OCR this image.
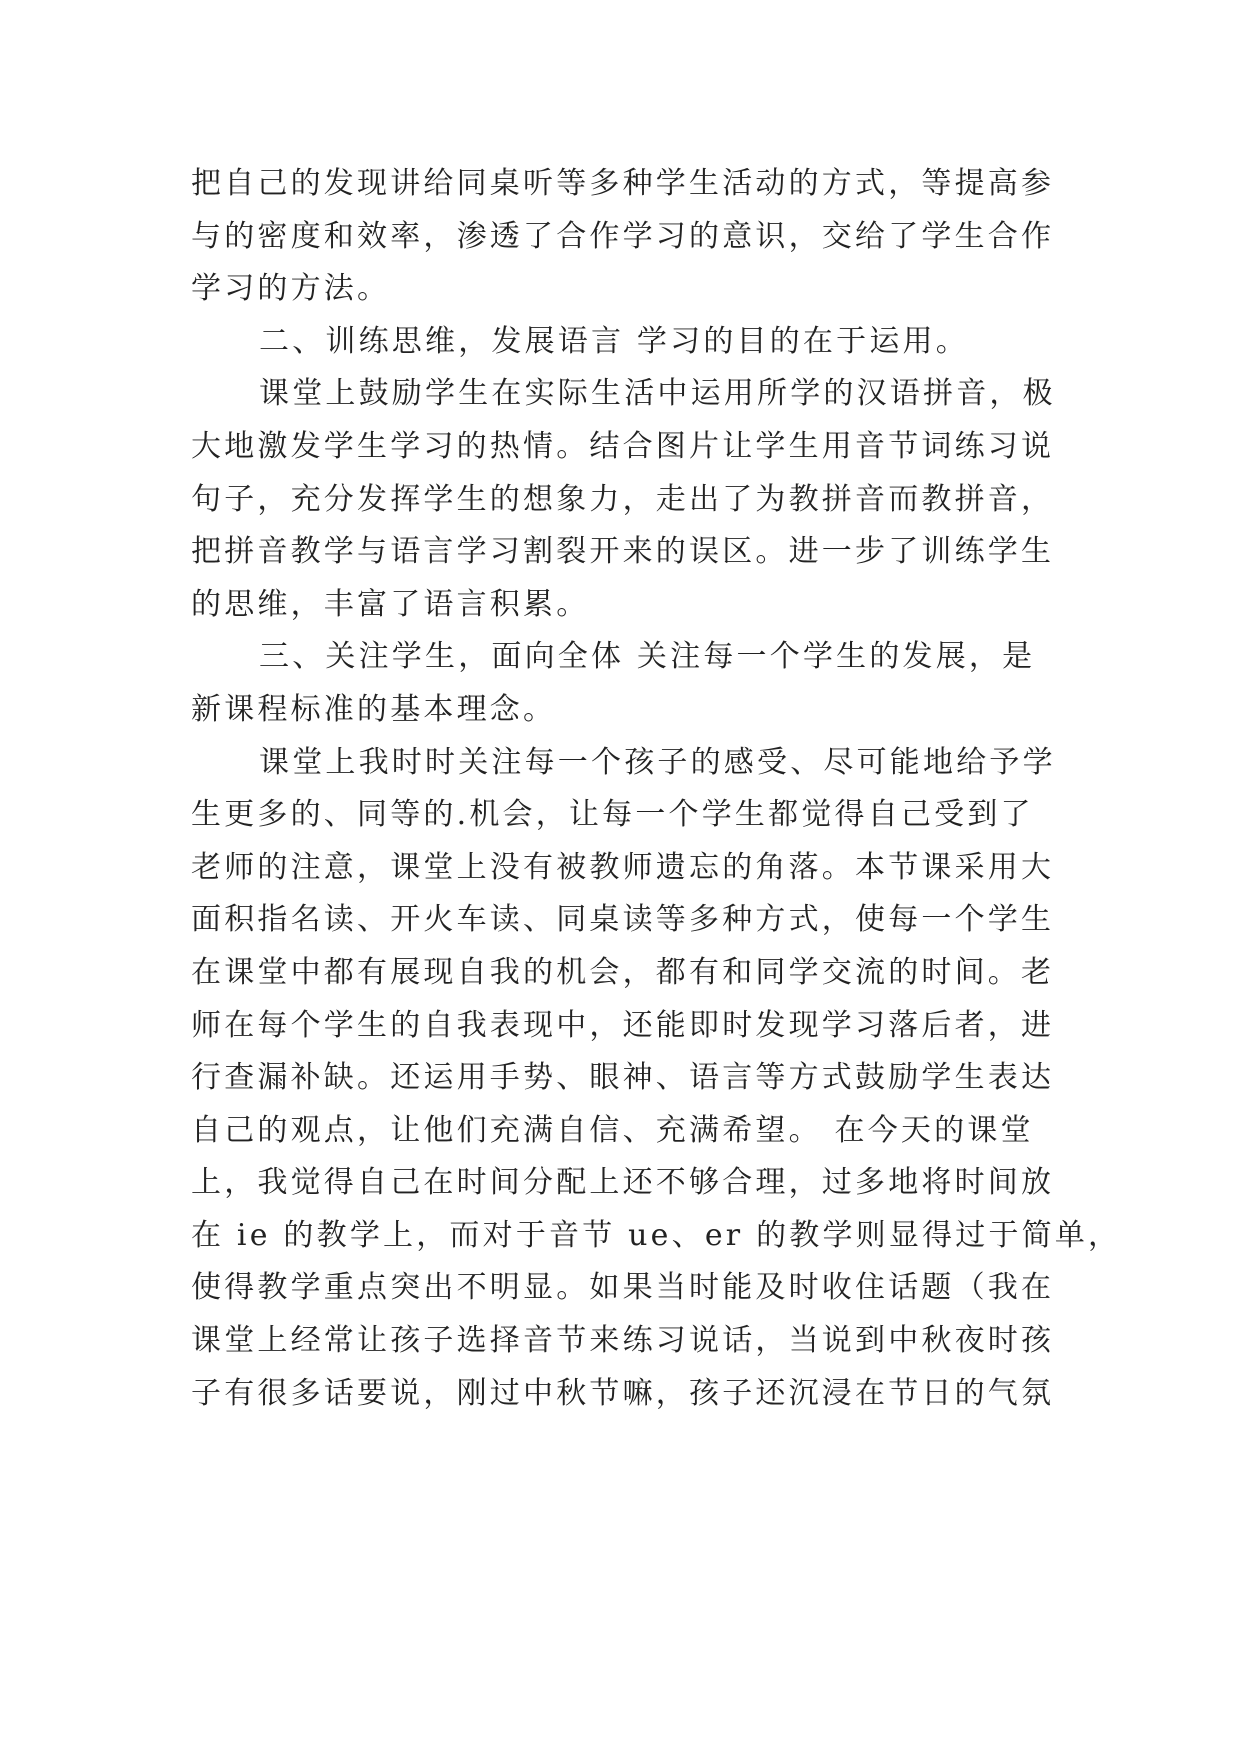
把自己的发现讲给同桌听等多种学生活动的方式，等提高参
与的密度和效率，渗透了合作学习的意识，交给了学生合作
学习的方法。
二、训练思维，发展语言 学习的目的在于运用。
课堂上鼓励学生在实际生活中运用所学的汉语拼音，极
大地激发学生学习的热情。结合图片让学生用音节词练习说
句子，充分发挥学生的想象力，走出了为教拼音而教拼音，
把拼音教学与语言学习割裂开来的误区。进一步了训练学生
的思维，丰富了语言积累。
三、关注学生，面向全体 关注每一个学生的发展，是
新课程标准的基本理念。
课堂上我时时关注每一个孩子的感受、尽可能地给予学
生更多的、同等的.机会，让每一个学生都觉得自己受到了
老师的注意，课堂上没有被教师遗忘的角落。本节课采用大
面积指名读、开火车读、同桌读等多种方式，使每一个学生
在课堂中都有展现自我的机会，都有和同学交流的时间。老
师在每个学生的自我表现中，还能即时发现学习落后者，进
行查漏补缺。还运用手势、眼神、语言等方式鼓励学生表达
自己的观点，让他们充满自信、充满希望。 在今天的课堂
上，我觉得自己在时间分配上还不够合理，过多地将时间放
在 ie 的教学上，而对于音节 ue、er 的教学则显得过于简单，
使得教学重点突出不明显。如果当时能及时收住话题（我在
课堂上经常让孩子选择音节来练习说话，当说到中秋夜时孩
子有很多话要说，刚过中秋节嘛，孩子还沉浸在节日的气氛
